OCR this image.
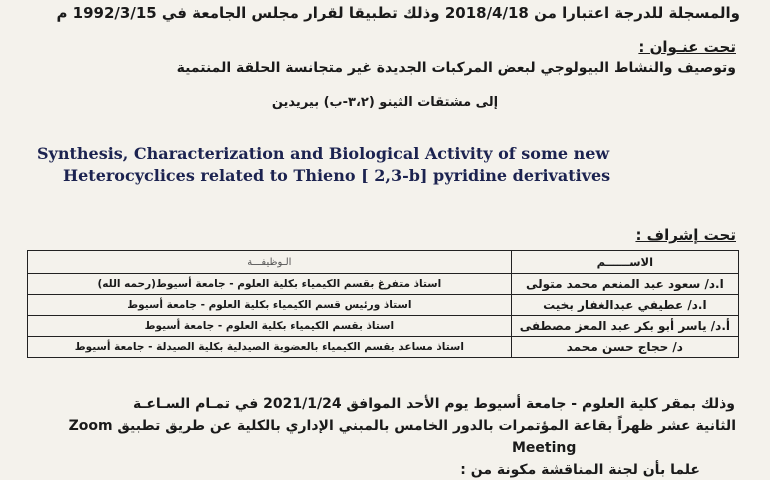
والمسجلة للدرجة اعتبارا من 2018/4/18 وذلك تطبيقا لقرار مجلس الجامعة في 1992/3/15 م
تحت عنـوان :
وتوصيف والنشاط البيولوجي لبعض المركبات الجديدة غير متجانسة الحلقة المنتمية
إلى مشتقات الثينو (٣،٢-ب) بيريدين
Synthesis, Characterization and Biological Activity of some new
Heterocyclices related to Thieno [ 2,3-b] pyridine derivatives
تحت إشراف :
الاســــــم	الـوظيفـــة
ا.د/ سعود عبد المنعم محمد متولى	استاذ متفرغ بقسم الكيمياء بكلية العلوم - جامعة أسيوط(رحمه الله)
ا.د/ عطيفي عبدالغفار بخيت	استاذ ورئيس قسم الكيمياء بكلية العلوم - جامعة أسيوط
أ.د/ ياسر أبو بكر عبد المعز مصطفى	استاذ بقسم الكيمياء بكلية العلوم - جامعة أسيوط
د/ حجاج حسن محمد	استاذ مساعد بقسم الكيمياء بالعضوية الصيدلية بكلية الصيدلة - جامعة أسيوط
وذلك بمقر كلية العلوم - جامعة أسيوط يوم الأحد الموافق 2021/1/24 في تمـام السـاعـة
الثانية عشر ظهراً بقاعة المؤتمرات بالدور الخامس بالمبني الإداري بالكلية عن طريق تطبيق Zoom
Meeting
علما بأن لجنة المناقشة مكونة من :
